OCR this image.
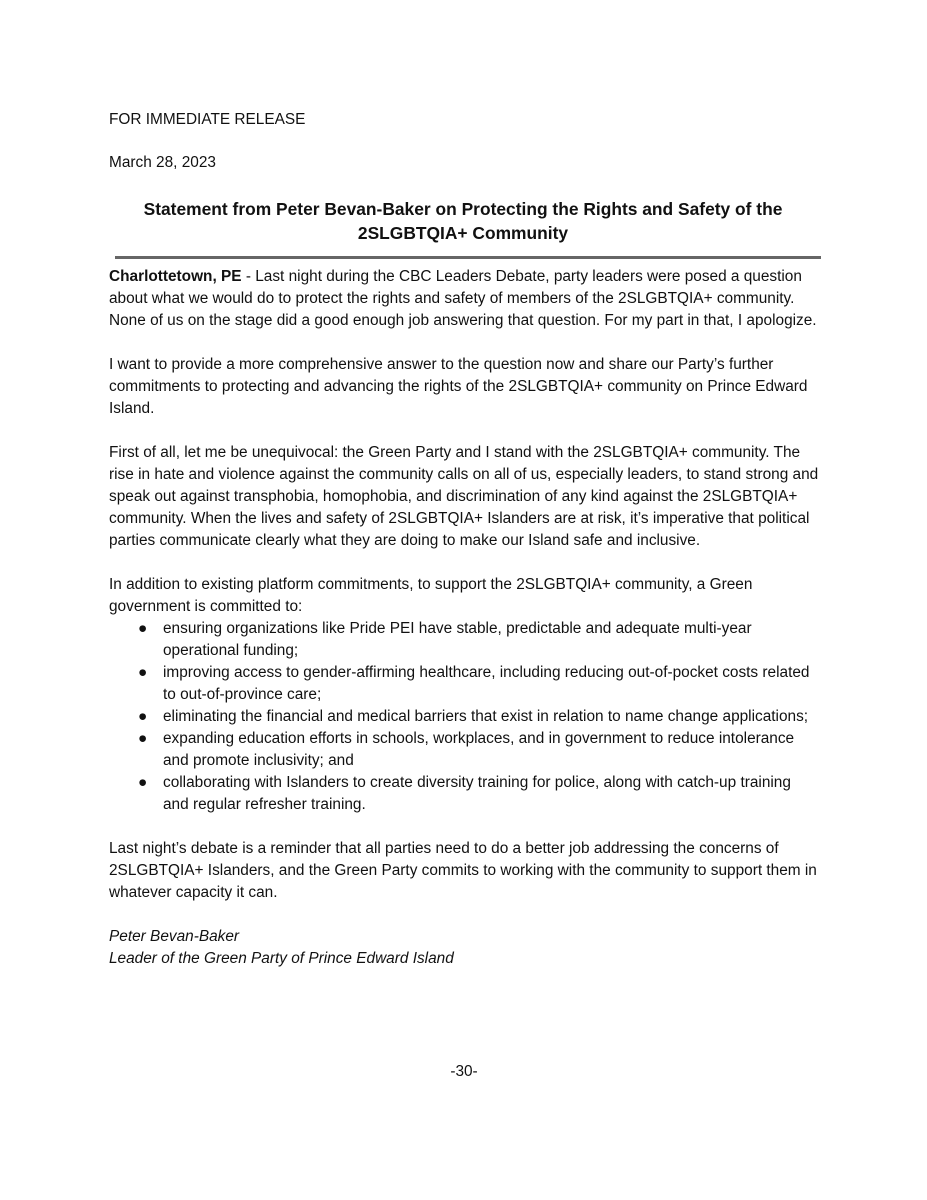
FOR IMMEDIATE RELEASE
March 28, 2023
Statement from Peter Bevan-Baker on Protecting the Rights and Safety of the
2SLGBTQIA+ Community

Charlottetown, PE - Last night during the CBC Leaders Debate, party leaders were posed a question about what we would do to protect the rights and safety of members of the 2SLGBTQIA+ community. None of us on the stage did a good enough job answering that question. For my part in that, I apologize.

I want to provide a more comprehensive answer to the question now and share our Party’s further commitments to protecting and advancing the rights of the 2SLGBTQIA+ community on Prince Edward Island.

First of all, let me be unequivocal: the Green Party and I stand with the 2SLGBTQIA+ community. The rise in hate and violence against the community calls on all of us, especially leaders, to stand strong and speak out against transphobia, homophobia, and discrimination of any kind against the 2SLGBTQIA+ community. When the lives and safety of 2SLGBTQIA+ Islanders are at risk, it’s imperative that political parties communicate clearly what they are doing to make our Island safe and inclusive.

In addition to existing platform commitments, to support the 2SLGBTQIA+ community, a Green government is committed to:

● ensuring organizations like Pride PEI have stable, predictable and adequate multi-year operational funding;
● improving access to gender-affirming healthcare, including reducing out-of-pocket costs related to out-of-province care;
● eliminating the financial and medical barriers that exist in relation to name change applications;
● expanding education efforts in schools, workplaces, and in government to reduce intolerance and promote inclusivity; and
● collaborating with Islanders to create diversity training for police, along with catch-up training and regular refresher training.

Last night’s debate is a reminder that all parties need to do a better job addressing the concerns of 2SLGBTQIA+ Islanders, and the Green Party commits to working with the community to support them in whatever capacity it can.

Peter Bevan-Baker
Leader of the Green Party of Prince Edward Island
-30-
